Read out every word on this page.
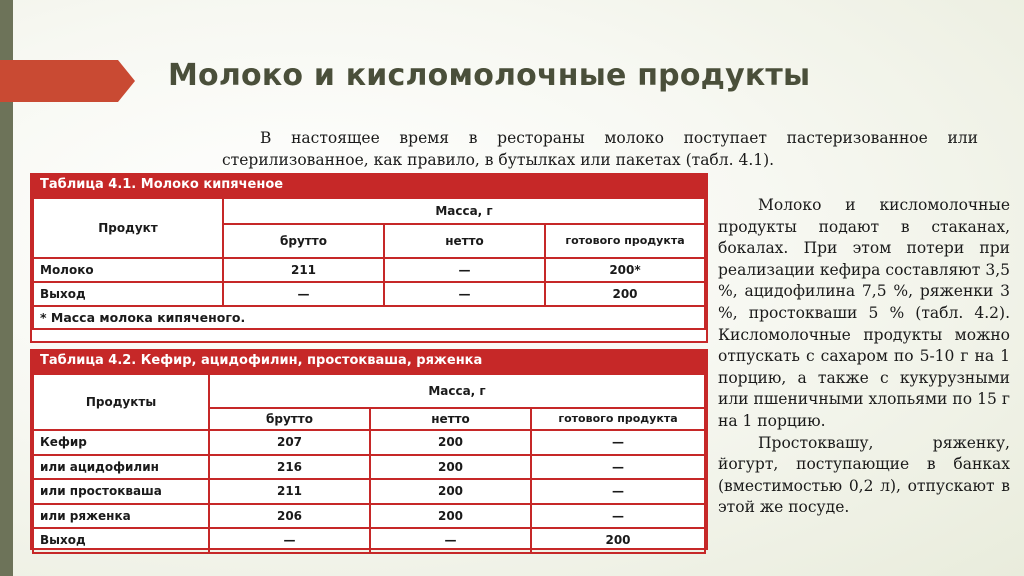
Молоко и кисломолочные продукты
В настоящее время в рестораны молоко поступает пастеризованное или
стерилизованное, как правило, в бутылках или пакетах (табл. 4.1).
Таблица 4.1. Молоко кипяченое
Продукт	Масса, г		
	брутто	нетто	готового продукта
Молоко	211	—	200*
Выход	—	—	200
* Масса молока кипяченого.			
Таблица 4.2. Кефир, ацидофилин, простокваша, ряженка
Продукты	Масса, г		
	брутто	нетто	готового продукта
Кефир	207	200	—
или ацидофилин	216	200	—
или простокваша	211	200	—
или ряженка	206	200	—
Выход	—	—	200

Молоко и кисломолочные продукты подают в стаканах, бокалах. При этом потери при реализации кефира составляют 3,5 %, ацидофилина 7,5 %, ряженки 3 %, простокваши 5 % (табл. 4.2). Кисломолочные продукты можно отпускать с сахаром по 5-10 г на 1 порцию, а также с кукурузными или пшеничными хлопьями по 15 г на 1 порцию.

Простоквашу, ряженку, йогурт, поступающие в банках (вместимостью 0,2 л), отпускают в этой же посуде.
